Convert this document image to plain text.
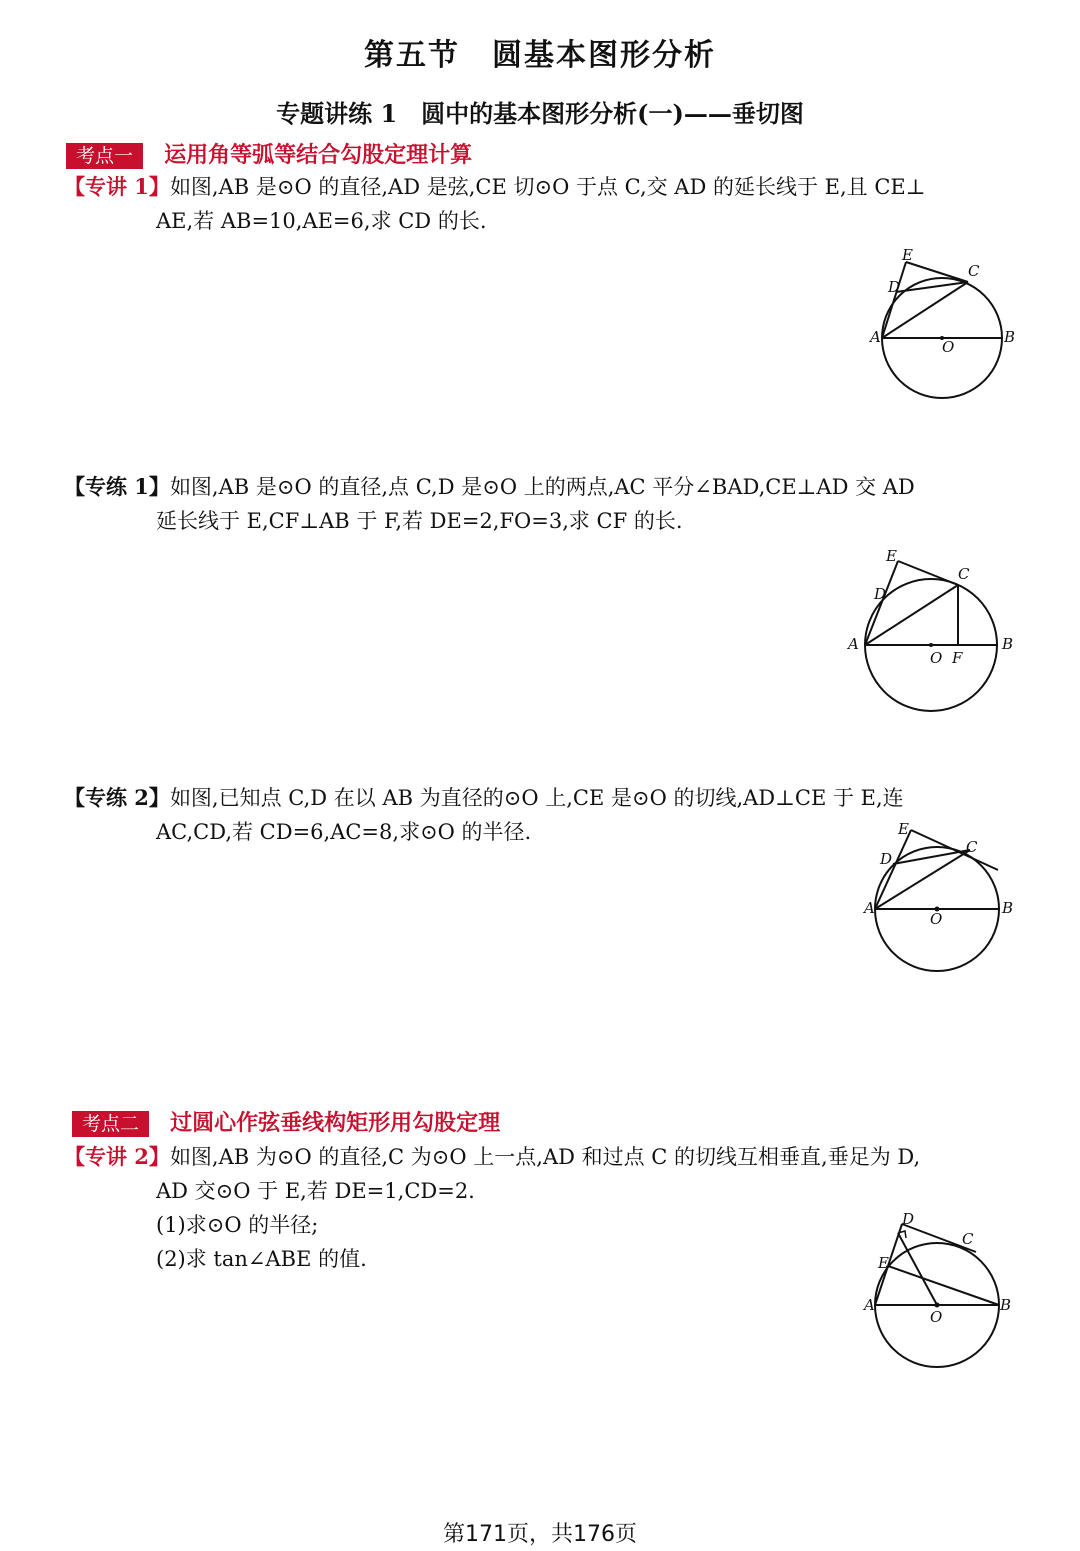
第五节　圆基本图形分析
专题讲练 1　圆中的基本图形分析(一)——垂切图
考点一 运用角等弧等结合勾股定理计算
【专讲 1】如图,AB 是⊙O 的直径,AD 是弦,CE 切⊙O 于点 C,交 AD 的延长线于 E,且 CE⊥
AE,若 AB=10,AE=6,求 CD 的长.
E
D
C
A
O
B
【专练 1】如图,AB 是⊙O 的直径,点 C,D 是⊙O 上的两点,AC 平分∠BAD,CE⊥AD 交 AD
延长线于 E,CF⊥AB 于 F,若 DE=2,FO=3,求 CF 的长.
E
D
C
A
O F
B
【专练 2】如图,已知点 C,D 在以 AB 为直径的⊙O 上,CE 是⊙O 的切线,AD⊥CE 于 E,连
AC,CD,若 CD=6,AC=8,求⊙O 的半径.	E
D
C
A
O
B
考点二 过圆心作弦垂线构矩形用勾股定理
【专讲 2】如图,AB 为⊙O 的直径,C 为⊙O 上一点,AD 和过点 C 的切线互相垂直,垂足为 D,
AD 交⊙O 于 E,若 DE=1,CD=2.
(1)求⊙O 的半径;
(2)求 tan∠ABE 的值.
D
C
E
A
O
B
第171页，共176页
